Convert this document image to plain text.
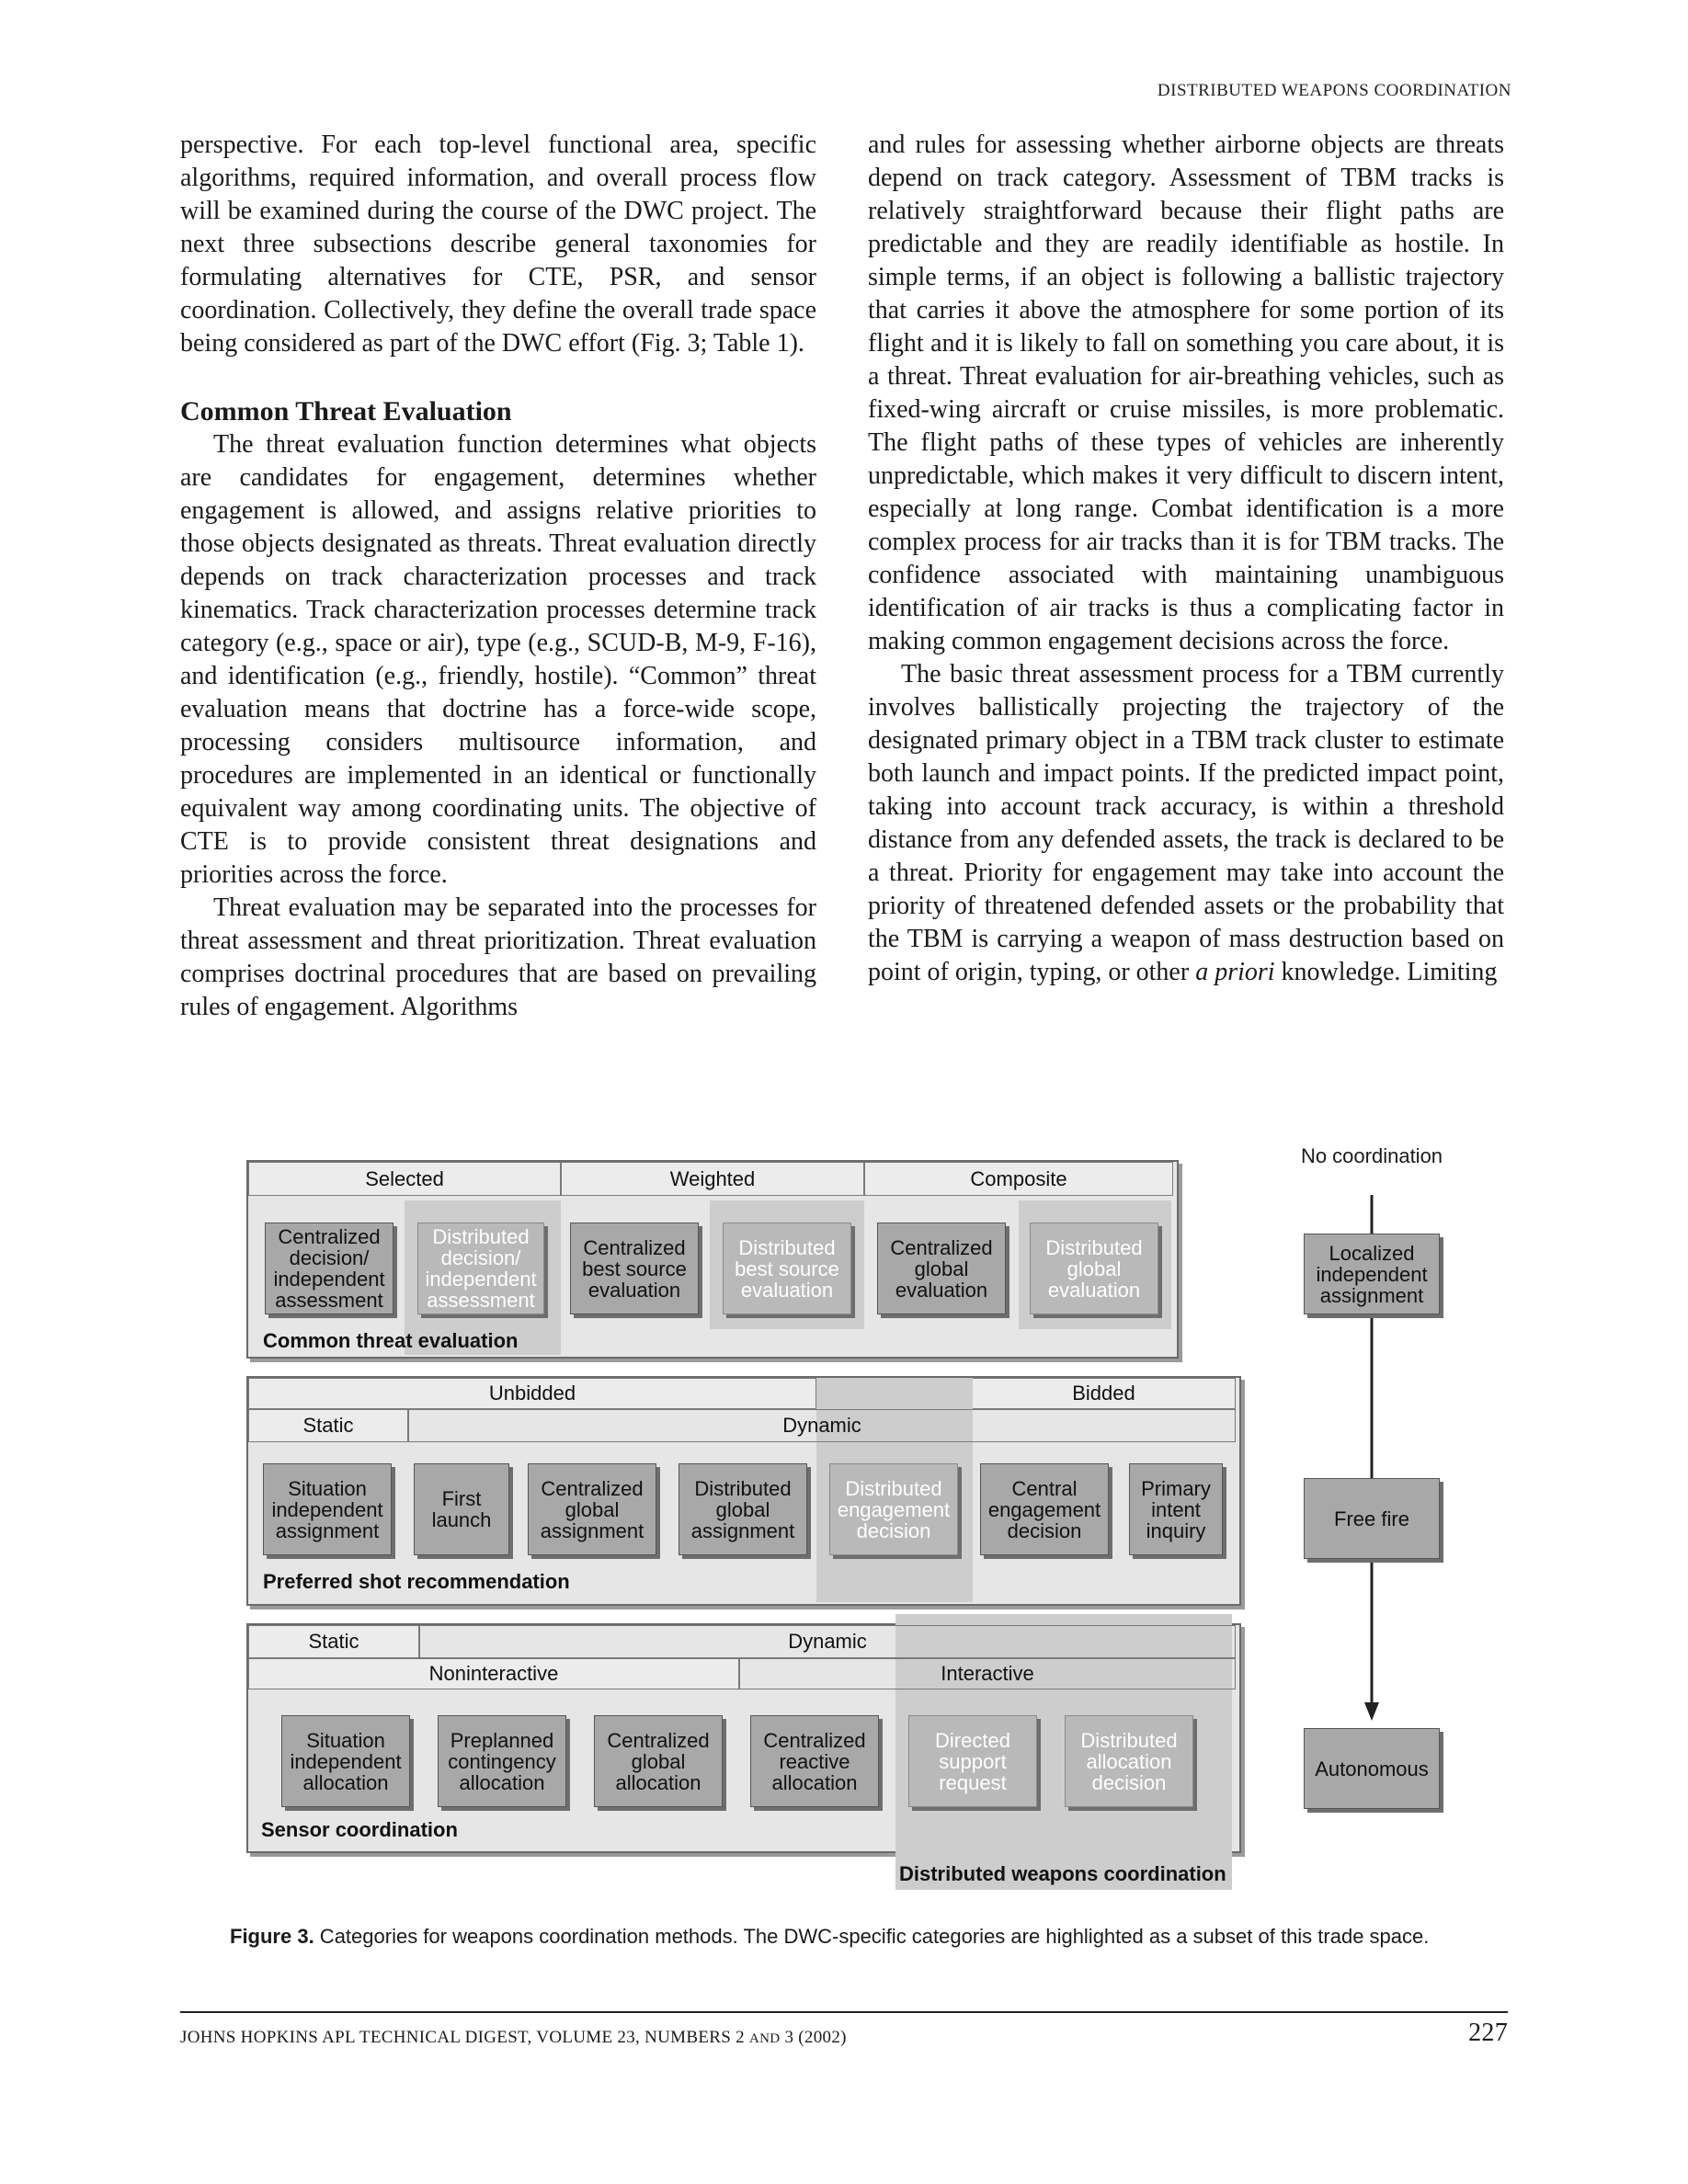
DISTRIBUTED WEAPONS COORDINATION

perspective. For each top-level functional area, specific algorithms, required information, and overall process flow will be examined during the course of the DWC project. The next three subsections describe general taxonomies for formulating alternatives for CTE, PSR, and sensor coordination. Collectively, they define the overall trade space being considered as part of the DWC effort (Fig. 3; Table 1).

Common Threat Evaluation

The threat evaluation function determines what objects are candidates for engagement, determines whether engagement is allowed, and assigns relative priorities to those objects designated as threats. Threat evaluation directly depends on track characterization processes and track kinematics. Track characterization processes determine track category (e.g., space or air), type (e.g., SCUD-B, M-9, F-16), and identification (e.g., friendly, hostile). “Common” threat evaluation means that doctrine has a force-wide scope, processing considers multisource information, and procedures are implemented in an identical or functionally equivalent way among coordinating units. The objective of CTE is to provide consistent threat designations and priorities across the force.

Threat evaluation may be separated into the processes for threat assessment and threat prioritization. Threat evaluation comprises doctrinal procedures that are based on prevailing rules of engagement. Algorithms

and rules for assessing whether airborne objects are threats depend on track category. Assessment of TBM tracks is relatively straightforward because their flight paths are predictable and they are readily identifiable as hostile. In simple terms, if an object is following a ballistic trajectory that carries it above the atmosphere for some portion of its flight and it is likely to fall on something you care about, it is a threat. Threat evaluation for air-breathing vehicles, such as fixed-wing aircraft or cruise missiles, is more problematic. The flight paths of these types of vehicles are inherently unpredictable, which makes it very difficult to discern intent, especially at long range. Combat identification is a more complex process for air tracks than it is for TBM tracks. The confidence associated with maintaining unambiguous identification of air tracks is thus a complicating factor in making common engagement decisions across the force.

The basic threat assessment process for a TBM currently involves ballistically projecting the trajectory of the designated primary object in a TBM track cluster to estimate both launch and impact points. If the predicted impact point, taking into account track accuracy, is within a threshold distance from any defended assets, the track is declared to be a threat. Priority for engagement may take into account the priority of threatened defended assets or the probability that the TBM is carrying a weapon of mass destruction based on point of origin, typing, or other a priori knowledge. Limiting

Selected	Weighted	Composite
Centralized decision/ independent assessment
Distributed decision/ independent assessment
Centralized best source evaluation
Distributed best source evaluation
Centralized global evaluation
Distributed global evaluation
Common threat evaluation
Unbidded	Bidded
Static	Dynamic
Situation independent assignment
First launch
Centralized global assignment
Distributed global assignment
Distributed engagement decision
Central engagement decision
Primary intent inquiry
Preferred shot recommendation
Static	Dynamic
Noninteractive	Interactive
Situation independent allocation
Preplanned contingency allocation
Centralized global allocation
Centralized reactive allocation
Directed support request
Distributed allocation decision
Sensor coordination
Distributed weapons coordination
No coordination
Localized independent assignment
Free fire
Autonomous
Figure 3. Categories for weapons coordination methods. The DWC-specific categories are highlighted as a subset of this trade space.
JOHNS HOPKINS APL TECHNICAL DIGEST, VOLUME 23, NUMBERS 2 AND 3 (2002)	227
